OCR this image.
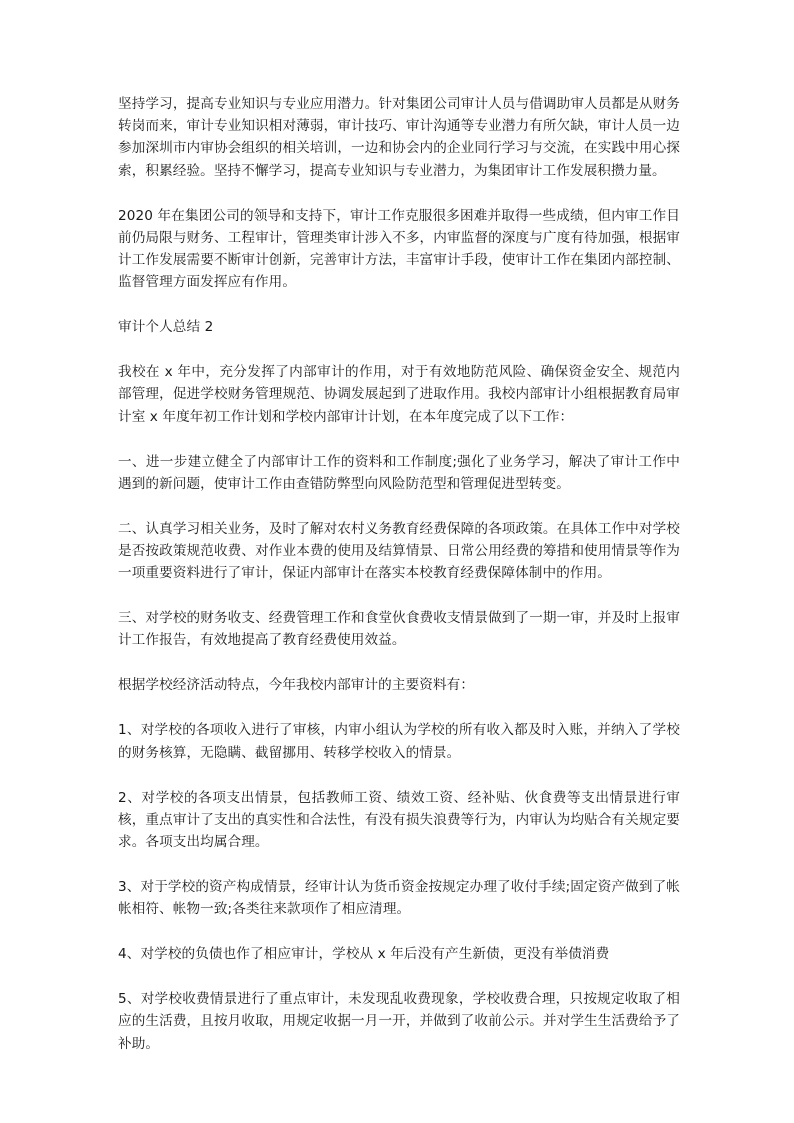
坚持学习，提高专业知识与专业应用潜力。针对集团公司审计人员与借调助审人员都是从财务转岗而来，审计专业知识相对薄弱，审计技巧、审计沟通等专业潜力有所欠缺，审计人员一边参加深圳市内审协会组织的相关培训，一边和协会内的企业同行学习与交流，在实践中用心探索，积累经验。坚持不懈学习，提高专业知识与专业潜力，为集团审计工作发展积攒力量。

2020 年在集团公司的领导和支持下，审计工作克服很多困难并取得一些成绩，但内审工作目前仍局限与财务、工程审计，管理类审计涉入不多，内审监督的深度与广度有待加强，根据审计工作发展需要不断审计创新，完善审计方法，丰富审计手段，使审计工作在集团内部控制、监督管理方面发挥应有作用。

审计个人总结 2

我校在 x 年中，充分发挥了内部审计的作用，对于有效地防范风险、确保资金安全、规范内部管理，促进学校财务管理规范、协调发展起到了进取作用。我校内部审计小组根据教育局审计室 x 年度年初工作计划和学校内部审计计划，在本年度完成了以下工作：

一、进一步建立健全了内部审计工作的资料和工作制度;强化了业务学习，解决了审计工作中遇到的新问题，使审计工作由查错防弊型向风险防范型和管理促进型转变。

二、认真学习相关业务，及时了解对农村义务教育经费保障的各项政策。在具体工作中对学校是否按政策规范收费、对作业本费的使用及结算情景、日常公用经费的筹措和使用情景等作为一项重要资料进行了审计，保证内部审计在落实本校教育经费保障体制中的作用。

三、对学校的财务收支、经费管理工作和食堂伙食费收支情景做到了一期一审，并及时上报审计工作报告，有效地提高了教育经费使用效益。

根据学校经济活动特点，今年我校内部审计的主要资料有：

1、对学校的各项收入进行了审核，内审小组认为学校的所有收入都及时入账，并纳入了学校的财务核算，无隐瞒、截留挪用、转移学校收入的情景。

2、对学校的各项支出情景，包括教师工资、绩效工资、经补贴、伙食费等支出情景进行审核，重点审计了支出的真实性和合法性，有没有损失浪费等行为，内审认为均贴合有关规定要求。各项支出均属合理。

3、对于学校的资产构成情景，经审计认为货币资金按规定办理了收付手续;固定资产做到了帐帐相符、帐物一致;各类往来款项作了相应清理。

4、对学校的负债也作了相应审计，学校从 x 年后没有产生新债，更没有举债消费

5、对学校收费情景进行了重点审计，未发现乱收费现象，学校收费合理，只按规定收取了相应的生活费，且按月收取，用规定收据一月一开，并做到了收前公示。并对学生生活费给予了补助。
